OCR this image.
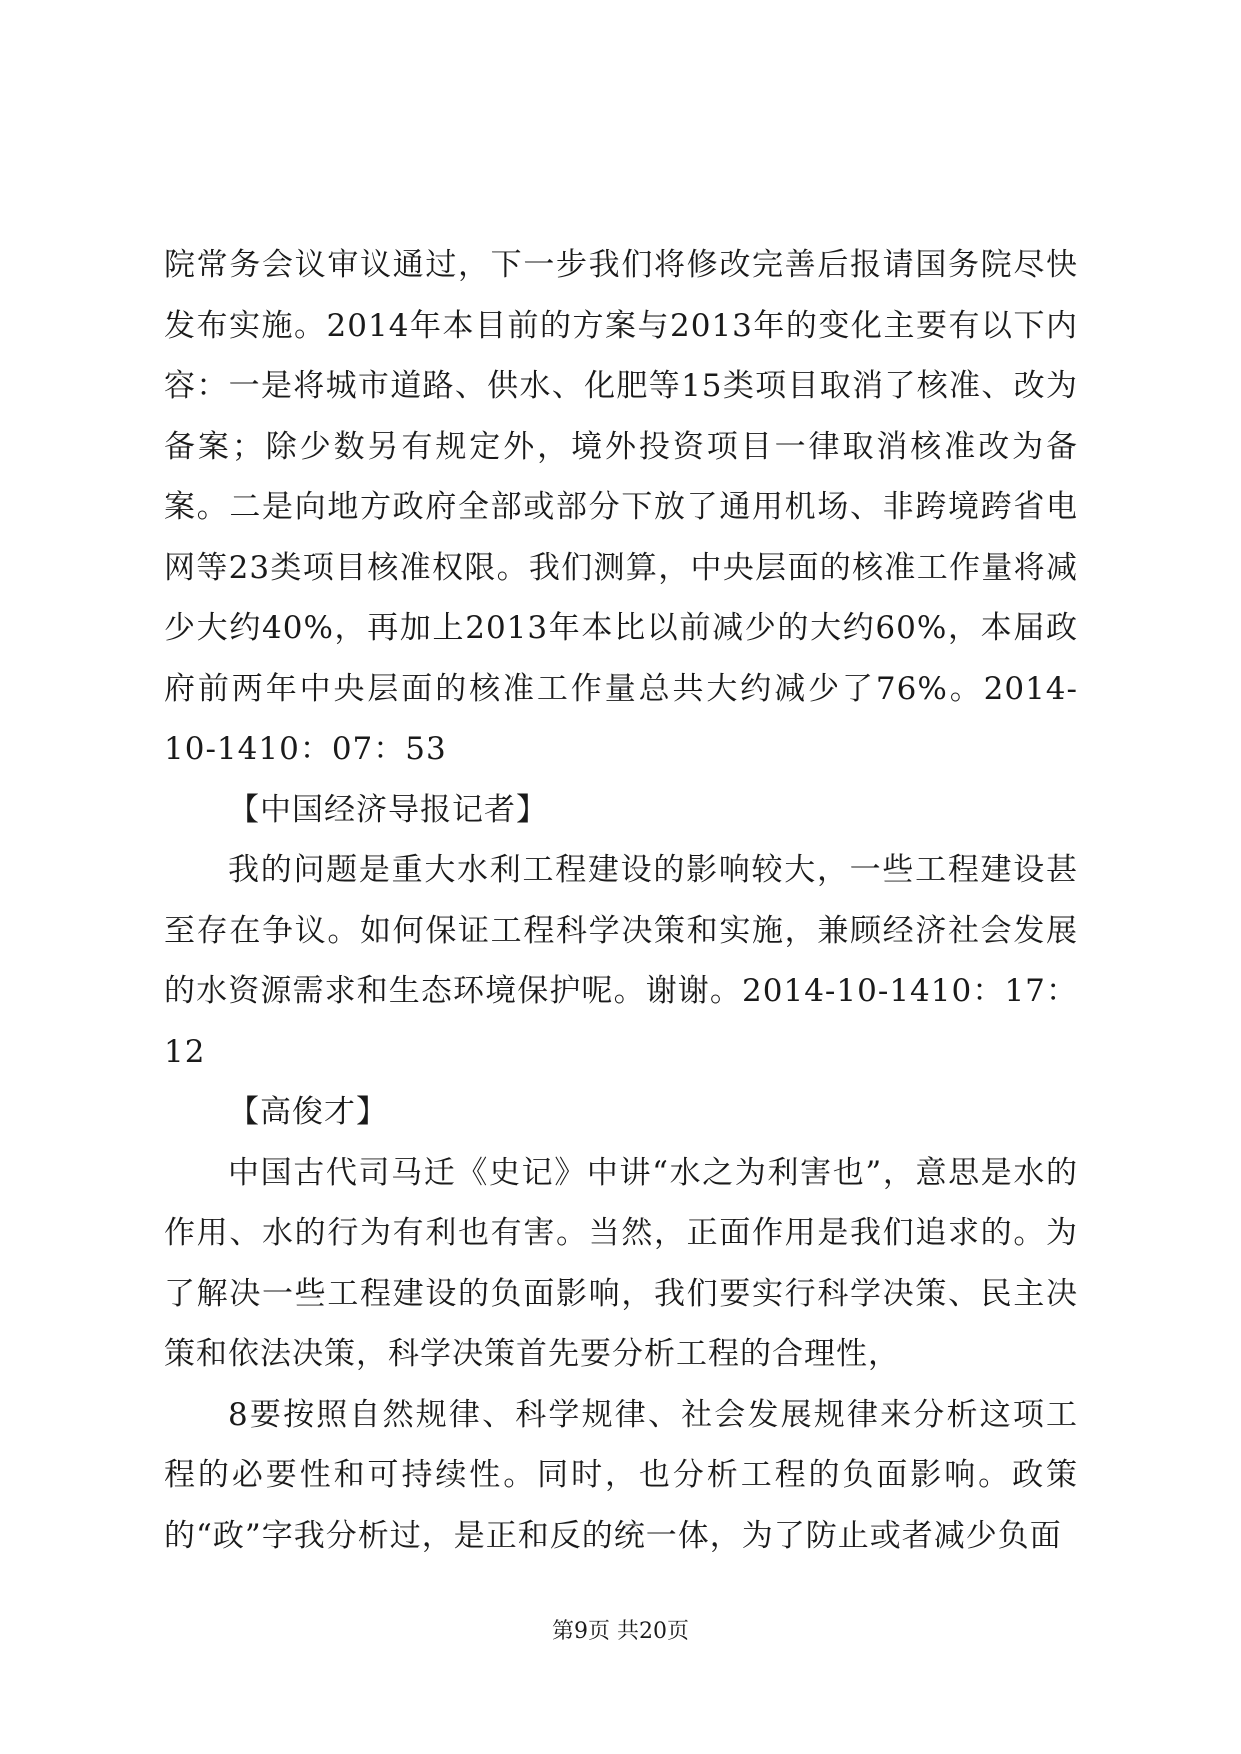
院常务会议审议通过，下一步我们将修改完善后报请国务院尽快发布实施。2014年本目前的方案与2013年的变化主要有以下内容：一是将城市道路、供水、化肥等15类项目取消了核准、改为备案；除少数另有规定外，境外投资项目一律取消核准改为备案。二是向地方政府全部或部分下放了通用机场、非跨境跨省电网等23类项目核准权限。我们测算，中央层面的核准工作量将减少大约40%，再加上2013年本比以前减少的大约60%，本届政府前两年中央层面的核准工作量总共大约减少了76%。2014-10-1410：07：53

【中国经济导报记者】

我的问题是重大水利工程建设的影响较大，一些工程建设甚至存在争议。如何保证工程科学决策和实施，兼顾经济社会发展的水资源需求和生态环境保护呢。谢谢。2014-10-1410：17：12

【高俊才】

中国古代司马迁《史记》中讲“水之为利害也”，意思是水的作用、水的行为有利也有害。当然，正面作用是我们追求的。为了解决一些工程建设的负面影响，我们要实行科学决策、民主决策和依法决策，科学决策首先要分析工程的合理性，

8要按照自然规律、科学规律、社会发展规律来分析这项工程的必要性和可持续性。同时，也分析工程的负面影响。政策的“政”字我分析过，是正和反的统一体，为了防止或者减少负面

第9页 共20页
